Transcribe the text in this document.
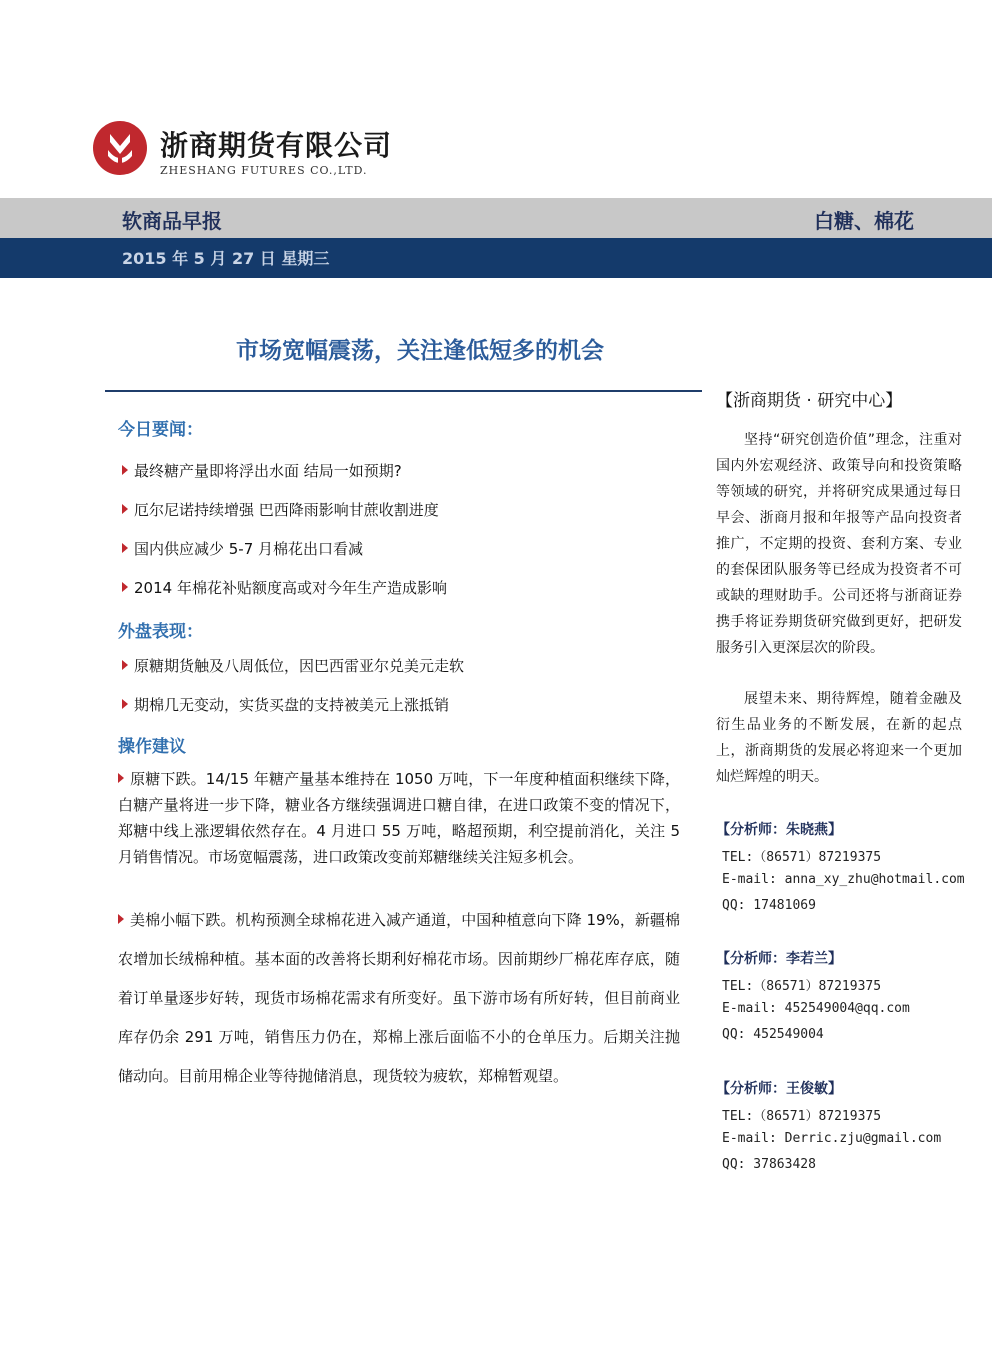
浙商期货有限公司
ZHESHANG FUTURES CO.,LTD.
软商品早报	白糖、棉花
2015 年 5 月 27 日 星期三
市场宽幅震荡，关注逢低短多的机会
今日要闻：
最终糖产量即将浮出水面 结局一如预期?
厄尔尼诺持续增强 巴西降雨影响甘蔗收割进度
国内供应减少 5-7 月棉花出口看减
2014 年棉花补贴额度高或对今年生产造成影响
外盘表现：
原糖期货触及八周低位，因巴西雷亚尔兑美元走软
期棉几无变动，实货买盘的支持被美元上涨抵销
操作建议
原糖下跌。14/15 年糖产量基本维持在 1050 万吨，下一年度种植面积继续下降，白糖产量将进一步下降，糖业各方继续强调进口糖自律，在进口政策不变的情况下，郑糖中线上涨逻辑依然存在。4 月进口 55 万吨，略超预期，利空提前消化，关注 5 月销售情况。市场宽幅震荡，进口政策改变前郑糖继续关注短多机会。
美棉小幅下跌。机构预测全球棉花进入减产通道，中国种植意向下降 19%，新疆棉农增加长绒棉种植。基本面的改善将长期利好棉花市场。因前期纱厂棉花库存底，随着订单量逐步好转，现货市场棉花需求有所变好。虽下游市场有所好转，但目前商业库存仍余 291 万吨，销售压力仍在，郑棉上涨后面临不小的仓单压力。后期关注抛储动向。目前用棉企业等待抛储消息，现货较为疲软，郑棉暂观望。
【浙商期货 · 研究中心】
坚持“研究创造价值”理念，注重对国内外宏观经济、政策导向和投资策略等领域的研究，并将研究成果通过每日早会、浙商月报和年报等产品向投资者推广，不定期的投资、套利方案、专业的套保团队服务等已经成为投资者不可或缺的理财助手。公司还将与浙商证券携手将证券期货研究做到更好，把研发服务引入更深层次的阶段。
展望未来、期待辉煌，随着金融及衍生品业务的不断发展，在新的起点上，浙商期货的发展必将迎来一个更加灿烂辉煌的明天。
【分析师：朱晓燕】
TEL:（86571）87219375
E-mail: anna_xy_zhu@hotmail.com
QQ: 17481069
【分析师：李若兰】
TEL:（86571）87219375
E-mail: 452549004@qq.com
QQ: 452549004
【分析师：王俊敏】
TEL:（86571）87219375
E-mail: Derric.zju@gmail.com
QQ: 37863428
